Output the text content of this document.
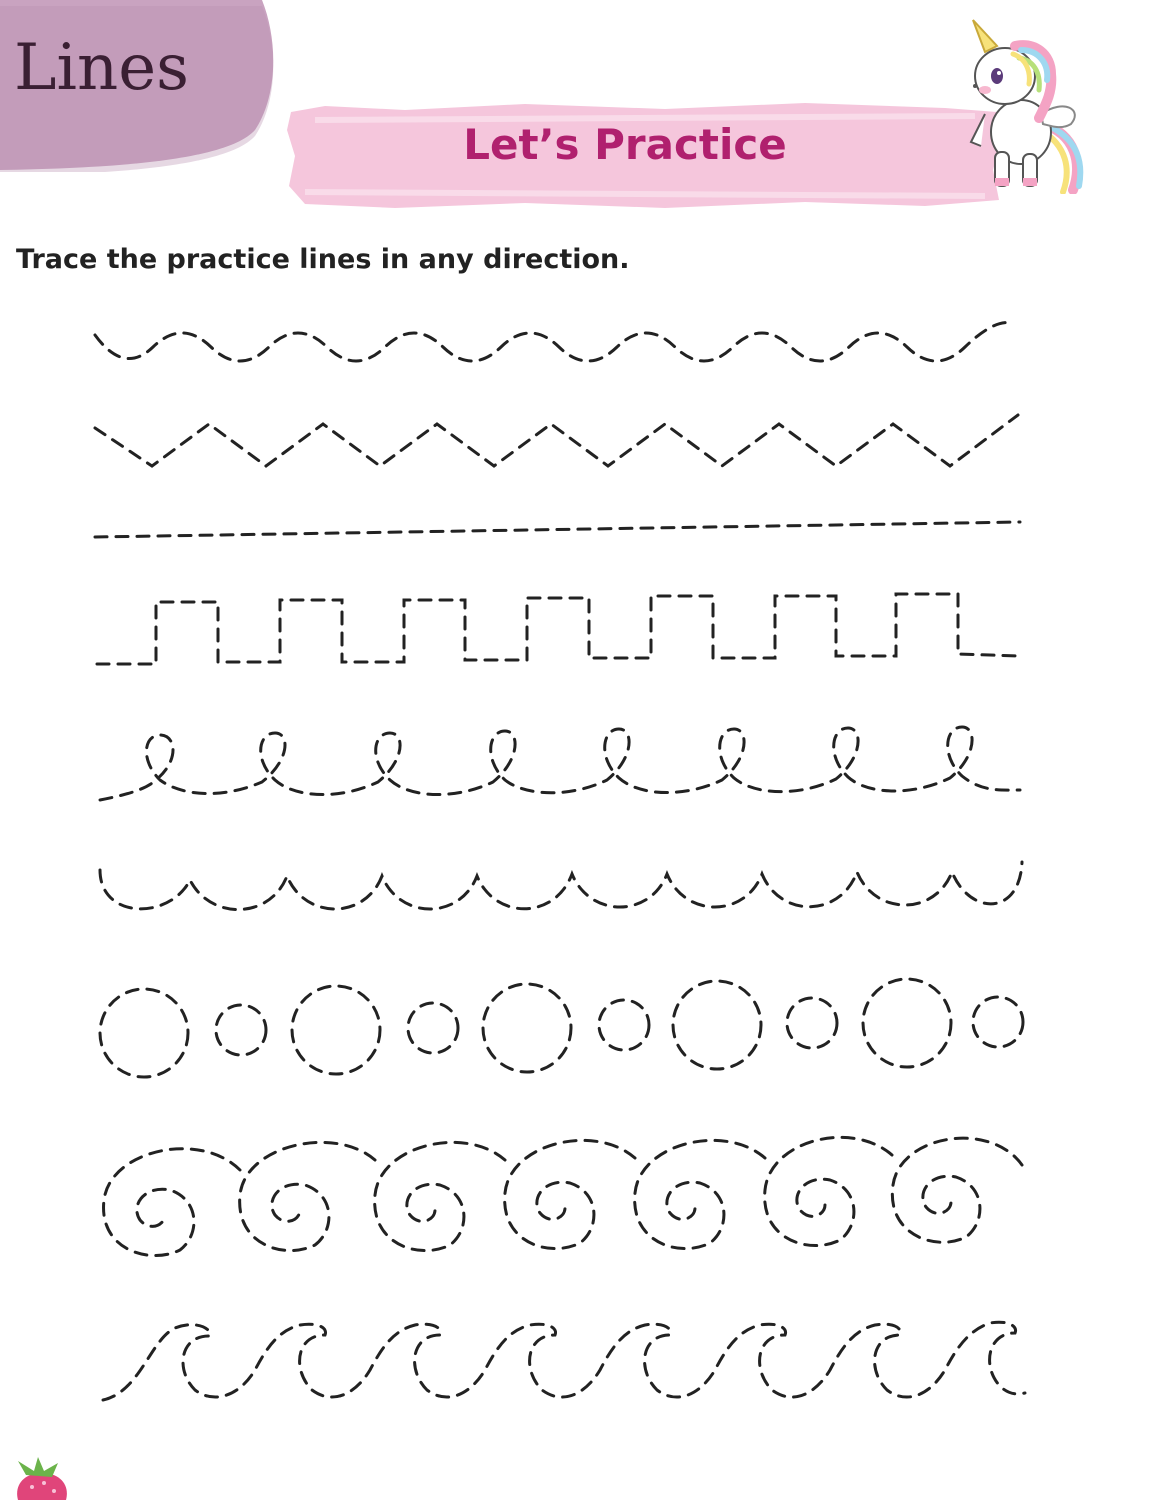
Lines
Let’s Practice
Trace the practice lines in any direction.
